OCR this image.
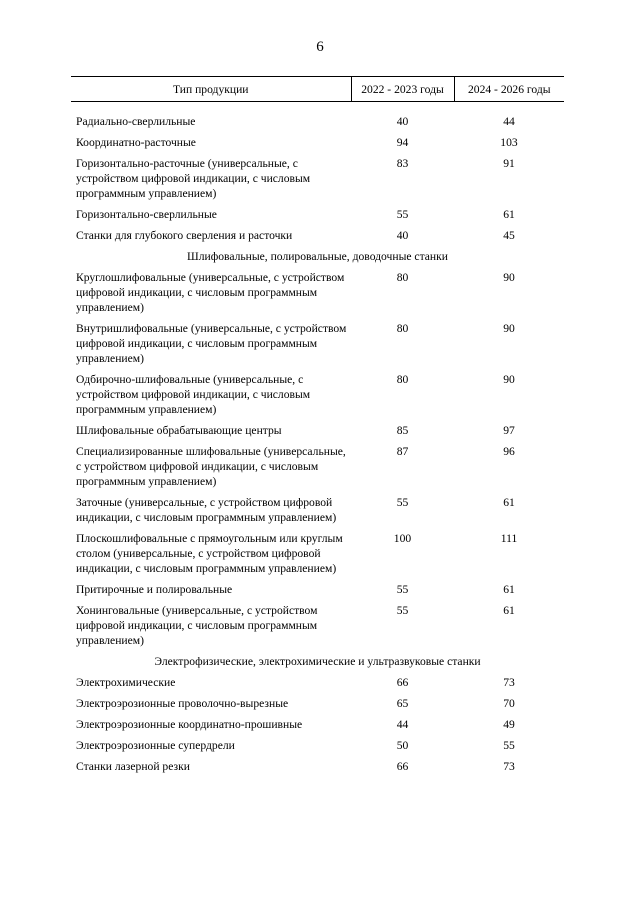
6
Тип продукции	2022 - 2023 годы	2024 - 2026 годы

Радиально-сверлильные	40	44
Координатно-расточные	94	103
Горизонтально-расточные (универсальные, с устройством цифровой индикации, с числовым программным управлением)	83	91
Горизонтально-сверлильные	55	61
Станки для глубокого сверления и расточки	40	45
Шлифовальные, полировальные, доводочные станки		
Круглошлифовальные (универсальные, с устройством цифровой индикации, с числовым программным управлением)	80	90
Внутришлифовальные (универсальные, с устройством цифровой индикации, с числовым программным управлением)	80	90
Одбирочно-шлифовальные (универсальные, с устройством цифровой индикации, с числовым программным управлением)	80	90
Шлифовальные обрабатывающие центры	85	97
Специализированные шлифовальные (универсальные, с устройством цифровой индикации, с числовым программным управлением)	87	96
Заточные (универсальные, с устройством цифровой индикации, с числовым программным управлением)	55	61
Плоскошлифовальные с прямоугольным или круглым столом (универсальные, с устройством цифровой индикации, с числовым программным управлением)	100	111
Притирочные и полировальные	55	61
Хонинговальные (универсальные, с устройством цифровой индикации, с числовым программным управлением)	55	61
Электрофизические, электрохимические и ультразвуковые станки		
Электрохимические	66	73
Электроэрозионные проволочно-вырезные	65	70
Электроэрозионные координатно-прошивные	44	49
Электроэрозионные супердрели	50	55
Станки лазерной резки	66	73
